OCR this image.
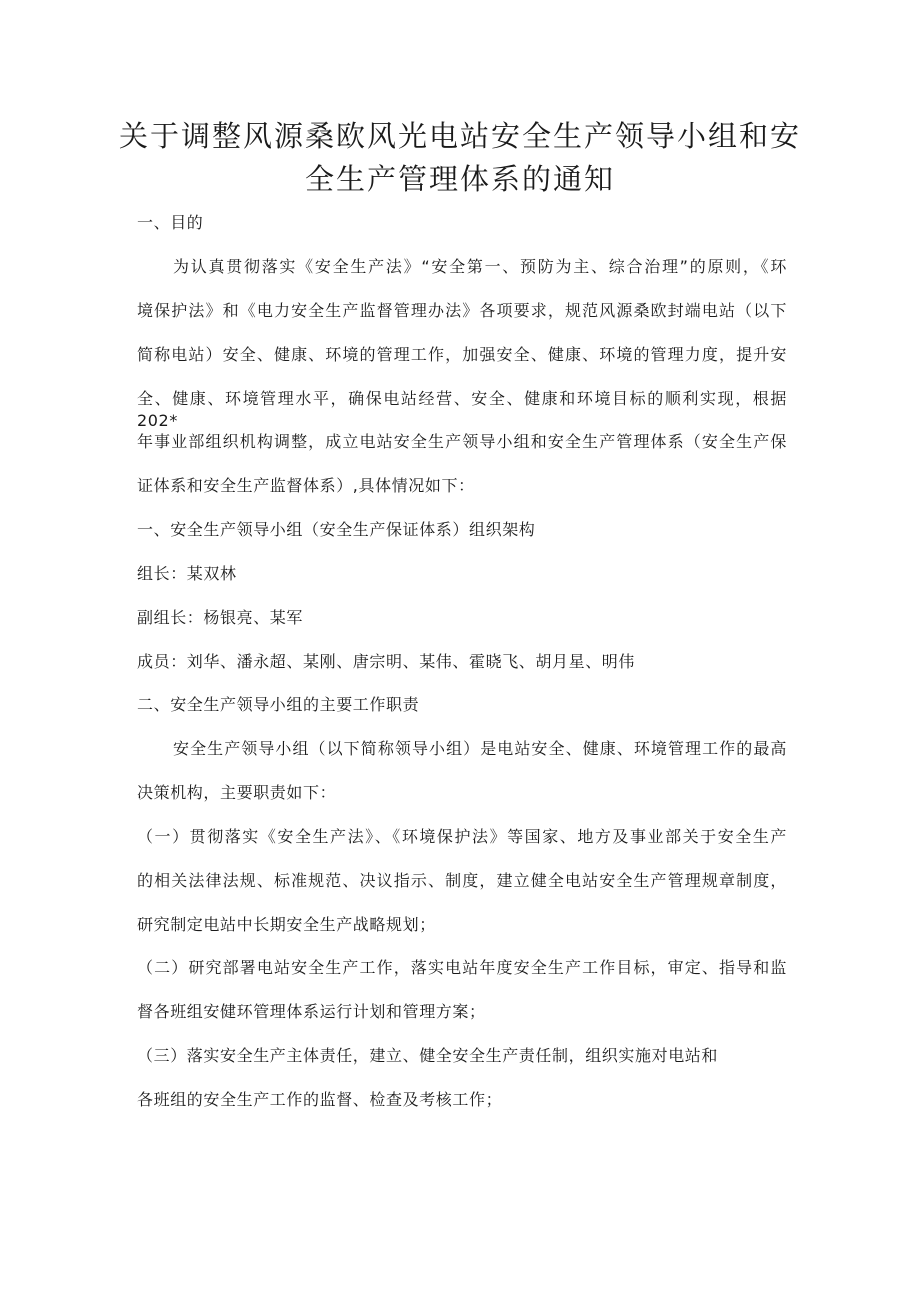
关于调整风源桑欧风光电站安全生产领导小组和安
全生产管理体系的通知
一、目的
为认真贯彻落实《安全生产法》“安全第一、预防为主、综合治理”的原则，《环
境保护法》和《电力安全生产监督管理办法》各项要求，规范风源桑欧封端电站（以下
简称电站）安全、健康、环境的管理工作，加强安全、健康、环境的管理力度，提升安
全、健康、环境管理水平，确保电站经营、安全、健康和环境目标的顺利实现，根据202*
年事业部组织机构调整，成立电站安全生产领导小组和安全生产管理体系（安全生产保
证体系和安全生产监督体系）,具体情况如下：
一、安全生产领导小组（安全生产保证体系）组织架构
组长：某双林
副组长：杨银亮、某军
成员：刘华、潘永超、某刚、唐宗明、某伟、霍晓飞、胡月星、明伟
二、安全生产领导小组的主要工作职责
安全生产领导小组（以下简称领导小组）是电站安全、健康、环境管理工作的最高
决策机构，主要职责如下：
（一）贯彻落实《安全生产法》、《环境保护法》等国家、地方及事业部关于安全生产
的相关法律法规、标准规范、决议指示、制度，建立健全电站安全生产管理规章制度，
研究制定电站中长期安全生产战略规划；
（二）研究部署电站安全生产工作，落实电站年度安全生产工作目标，审定、指导和监
督各班组安健环管理体系运行计划和管理方案；
（三）落实安全生产主体责任，建立、健全安全生产责任制，组织实施对电站和
各班组的安全生产工作的监督、检查及考核工作；
